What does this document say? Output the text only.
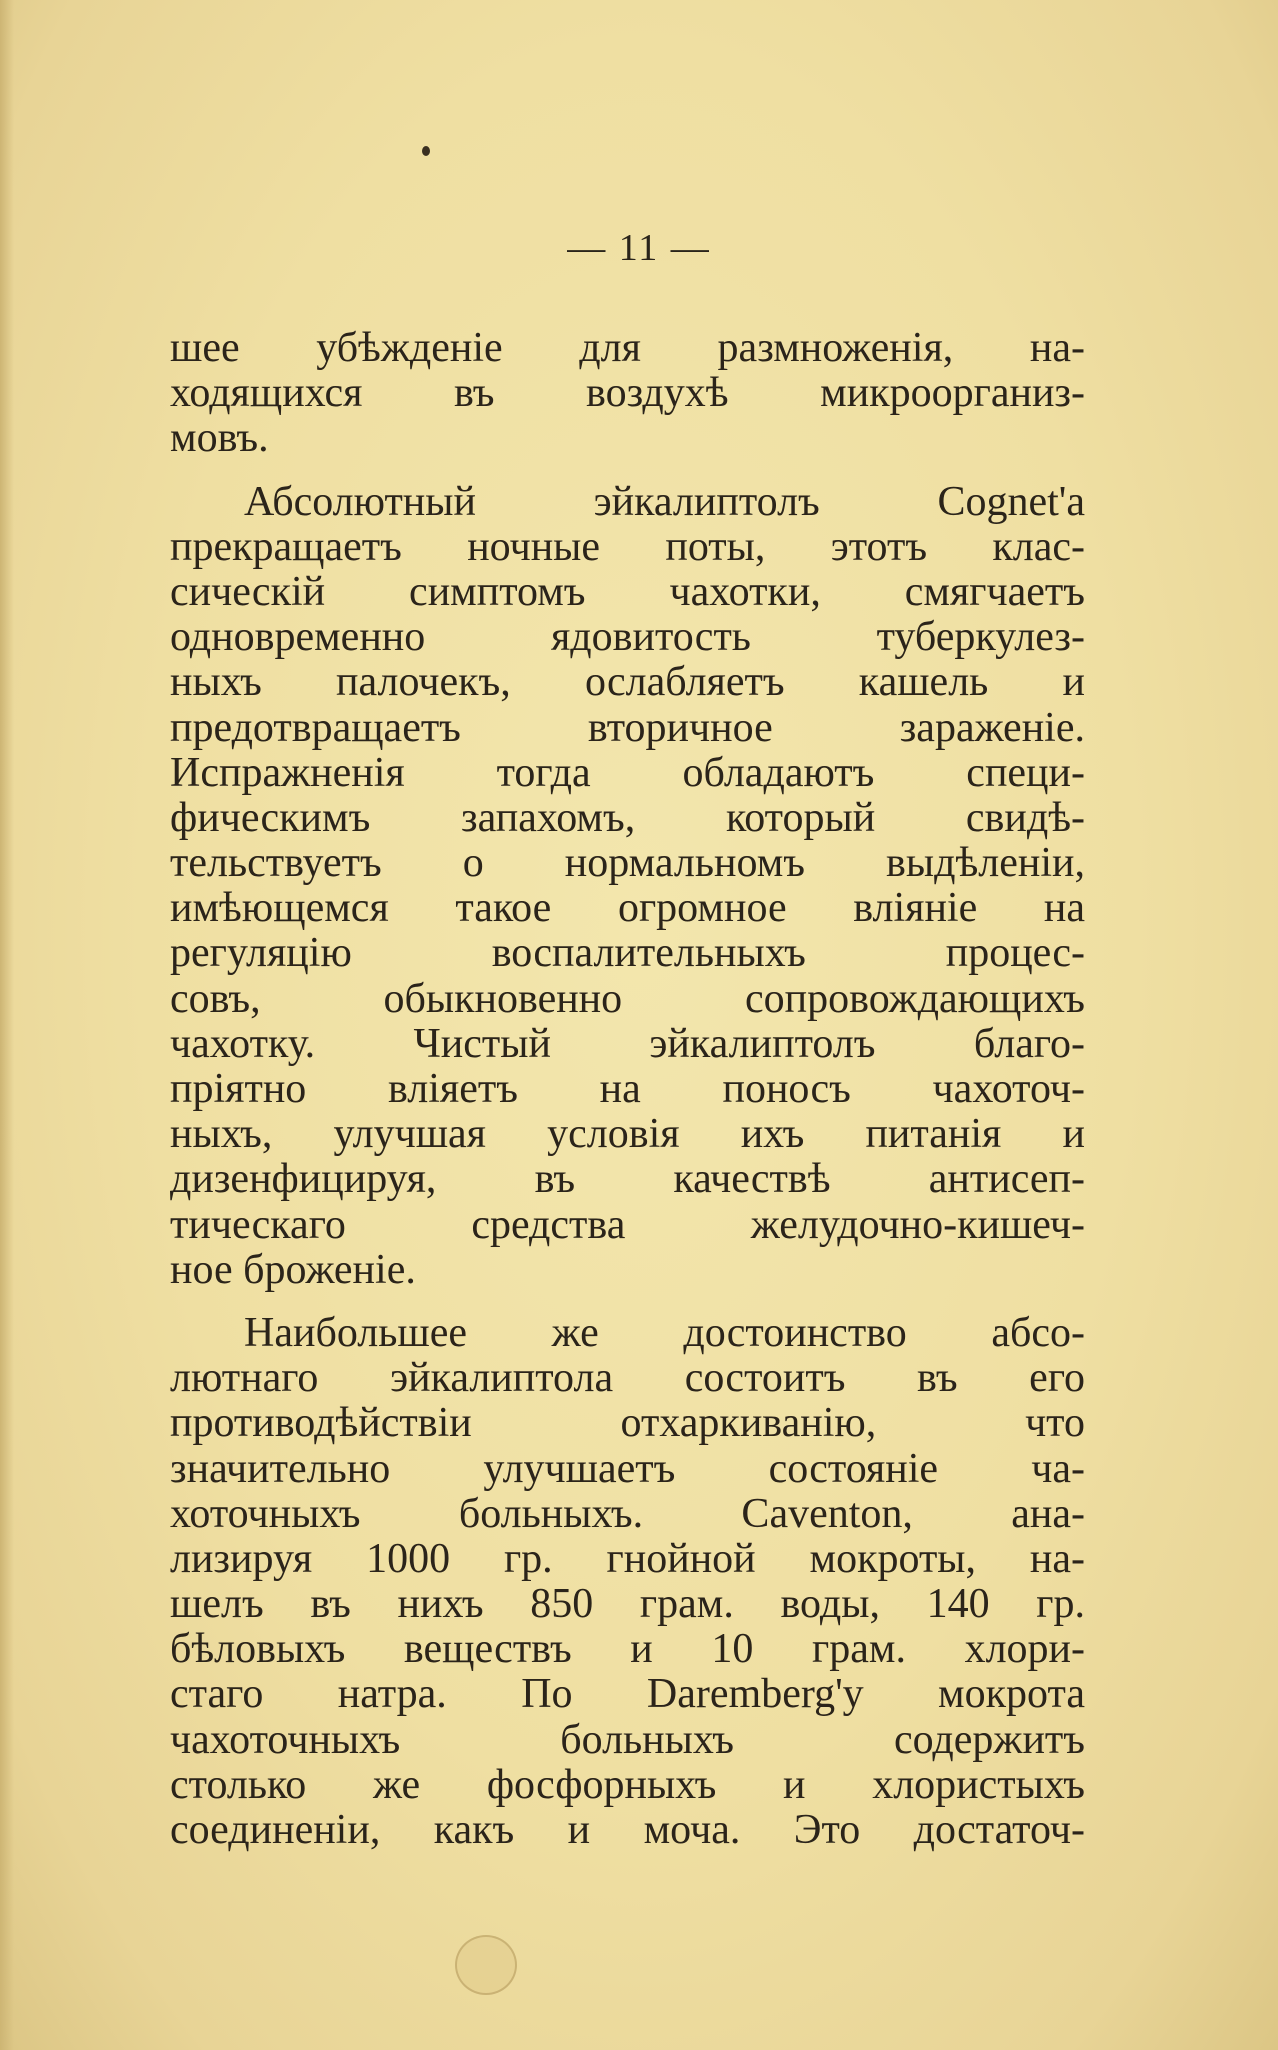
— 11 —
шее убѣжденіе для размноженія, на-
ходящихся въ воздухѣ микроорганиз-
мовъ.
Абсолютный эйкалиптолъ Cognet'a
прекращаетъ ночные поты, этотъ клас-
сическій симптомъ чахотки, смягчаетъ
одновременно ядовитость туберкулез-
ныхъ палочекъ, ослабляетъ кашель и
предотвращаетъ вторичное зараженіе.
Испражненія тогда обладаютъ специ-
фическимъ запахомъ, который свидѣ-
тельствуетъ о нормальномъ выдѣленіи,
имѣющемся такое огромное вліяніе на
регуляцію воспалительныхъ процес-
совъ, обыкновенно сопровождающихъ
чахотку. Чистый эйкалиптолъ благо-
пріятно вліяетъ на поносъ чахоточ-
ныхъ, улучшая условія ихъ питанія и
дизенфицируя, въ качествѣ антисеп-
тическаго средства желудочно-кишеч-
ное броженіе.
Наибольшее же достоинство абсо-
лютнаго эйкалиптола состоитъ въ его
противодѣйствіи отхаркиванію, что
значительно улучшаетъ состояніе ча-
хоточныхъ больныхъ. Caventon, ана-
лизируя 1000 гр. гнойной мокроты, на-
шелъ въ нихъ 850 грам. воды, 140 гр.
бѣловыхъ веществъ и 10 грам. хлори-
стаго натра. По Daremberg'у мокрота
чахоточныхъ больныхъ содержитъ
столько же фосфорныхъ и хлористыхъ
соединеніи, какъ и моча. Это достаточ-
